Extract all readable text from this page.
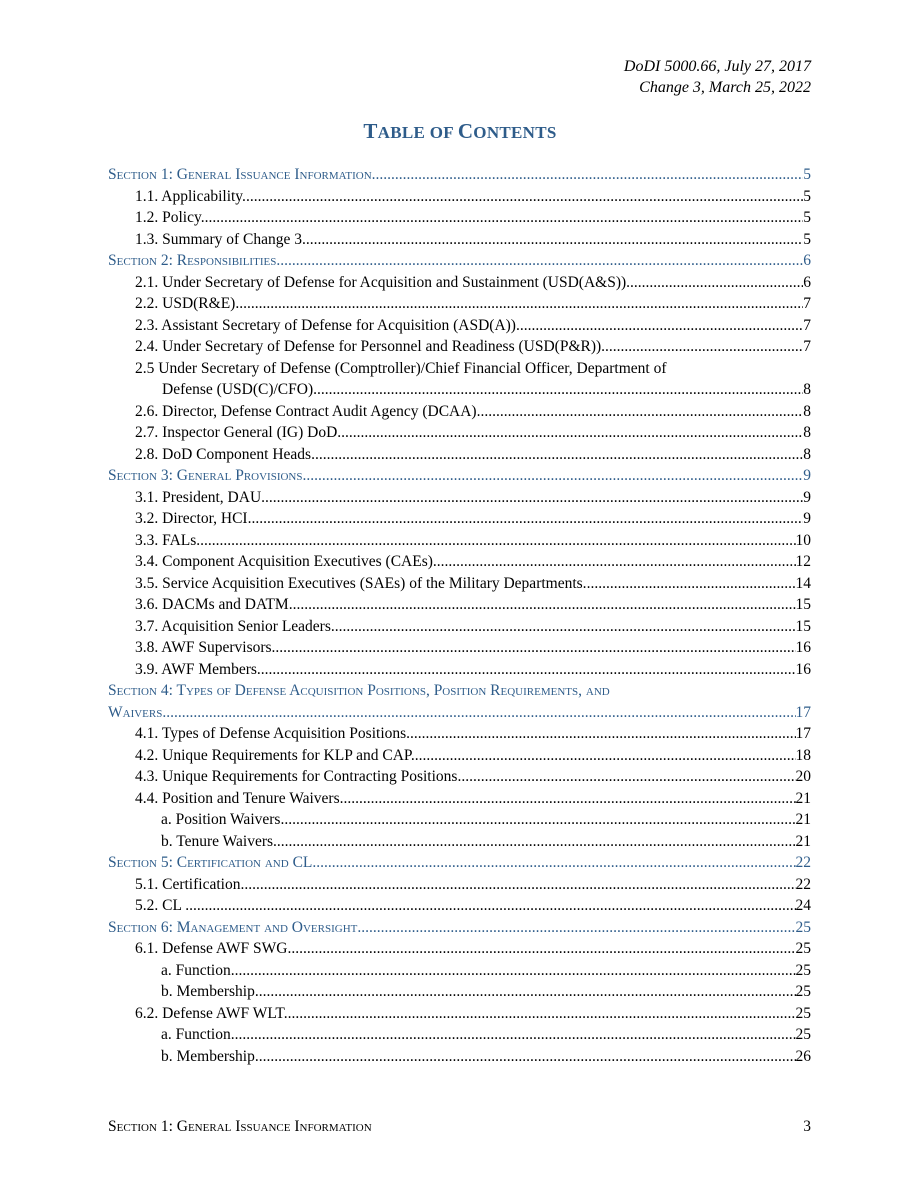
DoDI 5000.66, July 27, 2017
Change 3, March 25, 2022
TABLE OF CONTENTS
Section 1: General Issuance Information .....	5
1.1. Applicability. .....	5
1.2. Policy. .....	5
1.3. Summary of Change 3. .....	5
Section 2: Responsibilities .....	6
2.1. Under Secretary of Defense for Acquisition and Sustainment (USD(A&S)) .....	6
2.2. USD(R&E) .....	7
2.3. Assistant Secretary of Defense for Acquisition (ASD(A)). .....	7
2.4. Under Secretary of Defense for Personnel and Readiness (USD(P&R)). .....	7
2.5 Under Secretary of Defense (Comptroller)/Chief Financial Officer, Department of
Defense (USD(C)/CFO) .....	8
2.6. Director, Defense Contract Audit Agency (DCAA). .....	8
2.7. Inspector General (IG) DoD. .....	8
2.8. DoD Component Heads. .....	8
Section 3: General Provisions .....	9
3.1. President, DAU. .....	9
3.2. Director, HCI. .....	9
3.3. FALs. .....	10
3.4. Component Acquisition Executives (CAEs). .....	12
3.5. Service Acquisition Executives (SAEs) of the Military Departments. .....	14
3.6. DACMs and DATM. .....	15
3.7. Acquisition Senior Leaders. .....	15
3.8. AWF Supervisors. .....	16
3.9. AWF Members. .....	16
Section 4: Types of Defense Acquisition Positions, Position Requirements, and
Waivers .....	17
4.1. Types of Defense Acquisition Positions. .....	17
4.2. Unique Requirements for KLP and CAP. .....	18
4.3. Unique Requirements for Contracting Positions. .....	20
4.4. Position and Tenure Waivers. .....	21
a. Position Waivers. .....	21
b. Tenure Waivers. .....	21
Section 5: Certification and CL .....	22
5.1. Certification. .....	22
5.2. CL . .....	24
Section 6: Management and Oversight .....	25
6.1. Defense AWF SWG. .....	25
a. Function. .....	25
b. Membership. .....	25
6.2. Defense AWF WLT. .....	25
a. Function. .....	25
b. Membership. .....	26
Section 1: General Issuance Information	3
